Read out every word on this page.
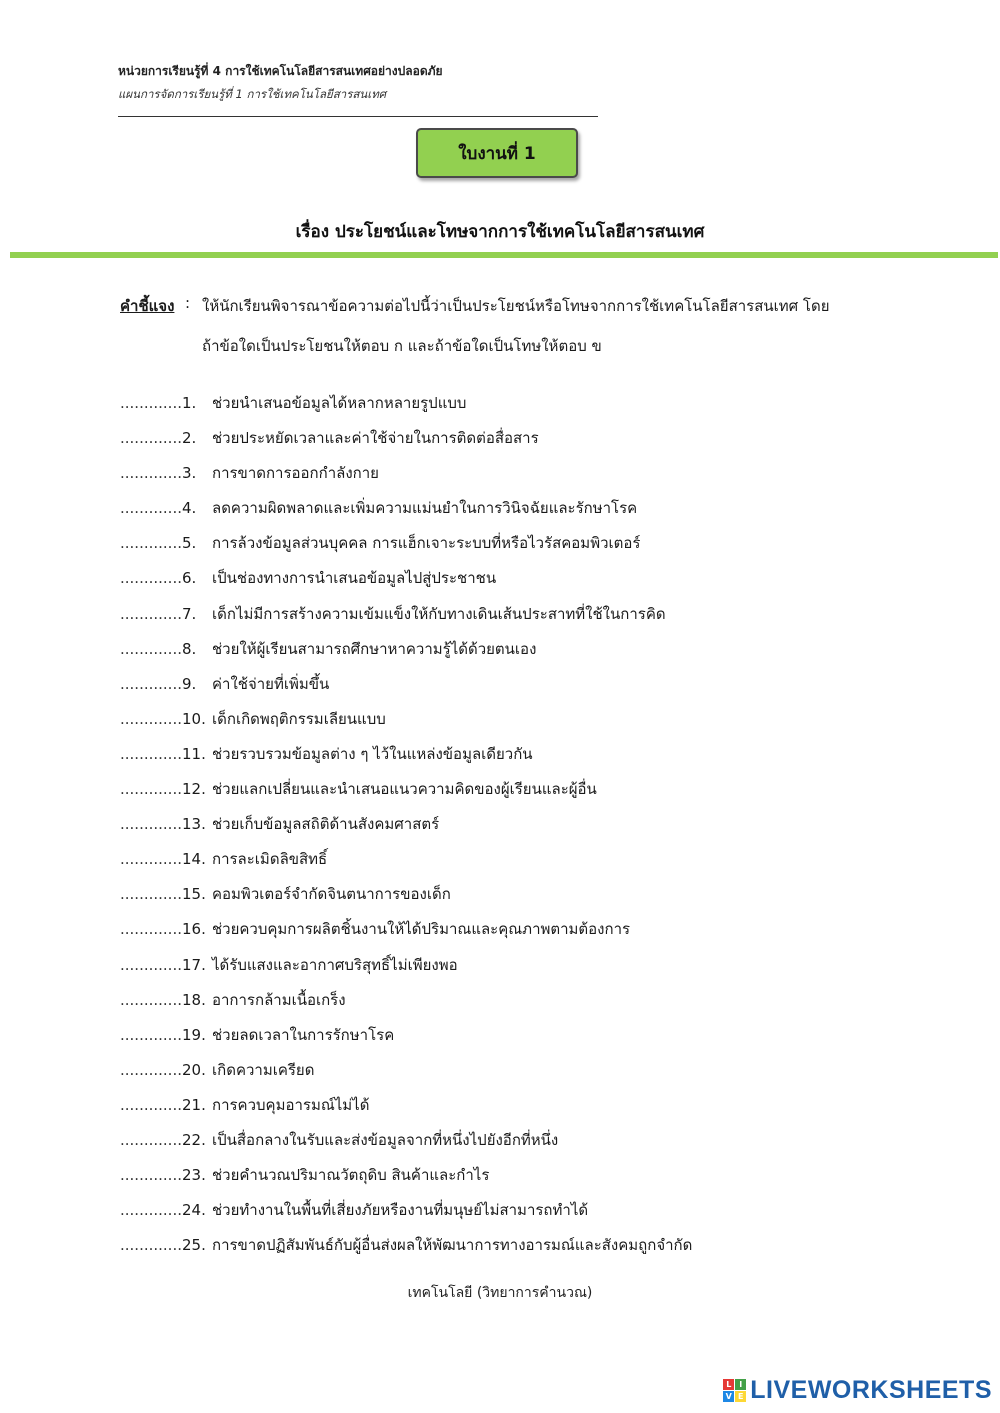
หน่วยการเรียนรู้ที่ 4 การใช้เทคโนโลยีสารสนเทศอย่างปลอดภัย
แผนการจัดการเรียนรู้ที่ 1 การใช้เทคโนโลยีสารสนเทศ
ใบงานที่ 1
เรื่อง ประโยชน์และโทษจากการใช้เทคโนโลยีสารสนเทศ
คำชี้แจง : ให้นักเรียนพิจารณาข้อความต่อไปนี้ว่าเป็นประโยชน์หรือโทษจากการใช้เทคโนโลยีสารสนเทศ โดย
ถ้าข้อใดเป็นประโยชนให้ตอบ ก และถ้าข้อใดเป็นโทษให้ตอบ ข
............. 1.	ช่วยนำเสนอข้อมูลได้หลากหลายรูปแบบ
............. 2.	ช่วยประหยัดเวลาและค่าใช้จ่ายในการติดต่อสื่อสาร
............. 3.	การขาดการออกกำลังกาย
............. 4.	ลดความผิดพลาดและเพิ่มความแม่นยำในการวินิจฉัยและรักษาโรค
............. 5.	การล้วงข้อมูลส่วนบุคคล การแฮ็กเจาะระบบที่หรือไวรัสคอมพิวเตอร์
............. 6.	เป็นช่องทางการนำเสนอข้อมูลไปสู่ประชาชน
............. 7.	เด็กไม่มีการสร้างความเข้มแข็งให้กับทางเดินเส้นประสาทที่ใช้ในการคิด
............. 8.	ช่วยให้ผู้เรียนสามารถศึกษาหาความรู้ได้ด้วยตนเอง
............. 9.	ค่าใช้จ่ายที่เพิ่มขึ้น
............. 10. เด็กเกิดพฤติกรรมเลียนแบบ
............. 11. ช่วยรวบรวมข้อมูลต่าง ๆ ไว้ในแหล่งข้อมูลเดียวกัน
............. 12. ช่วยแลกเปลี่ยนและนำเสนอแนวความคิดของผู้เรียนและผู้อื่น
............. 13. ช่วยเก็บข้อมูลสถิติด้านสังคมศาสตร์
............. 14. การละเมิดลิขสิทธิ์
............. 15. คอมพิวเตอร์จำกัดจินตนาการของเด็ก
............. 16. ช่วยควบคุมการผลิตชิ้นงานให้ได้ปริมาณและคุณภาพตามต้องการ
............. 17. ได้รับแสงและอากาศบริสุทธิ์ไม่เพียงพอ
............. 18. อาการกล้ามเนื้อเกร็ง
............. 19. ช่วยลดเวลาในการรักษาโรค
............. 20. เกิดความเครียด
............. 21. การควบคุมอารมณ์ไม่ได้
............. 22. เป็นสื่อกลางในรับและส่งข้อมูลจากที่หนึ่งไปยังอีกที่หนึ่ง
............. 23. ช่วยคำนวณปริมาณวัตถุดิบ สินค้าและกำไร
............. 24. ช่วยทำงานในพื้นที่เสี่ยงภัยหรืองานที่มนุษย์ไม่สามารถทำได้
............. 25. การขาดปฏิสัมพันธ์กับผู้อื่นส่งผลให้พัฒนาการทางอารมณ์และสังคมถูกจำกัด
เทคโนโลยี (วิทยาการคำนวณ)
L I
V E LIVEWORKSHEETS
